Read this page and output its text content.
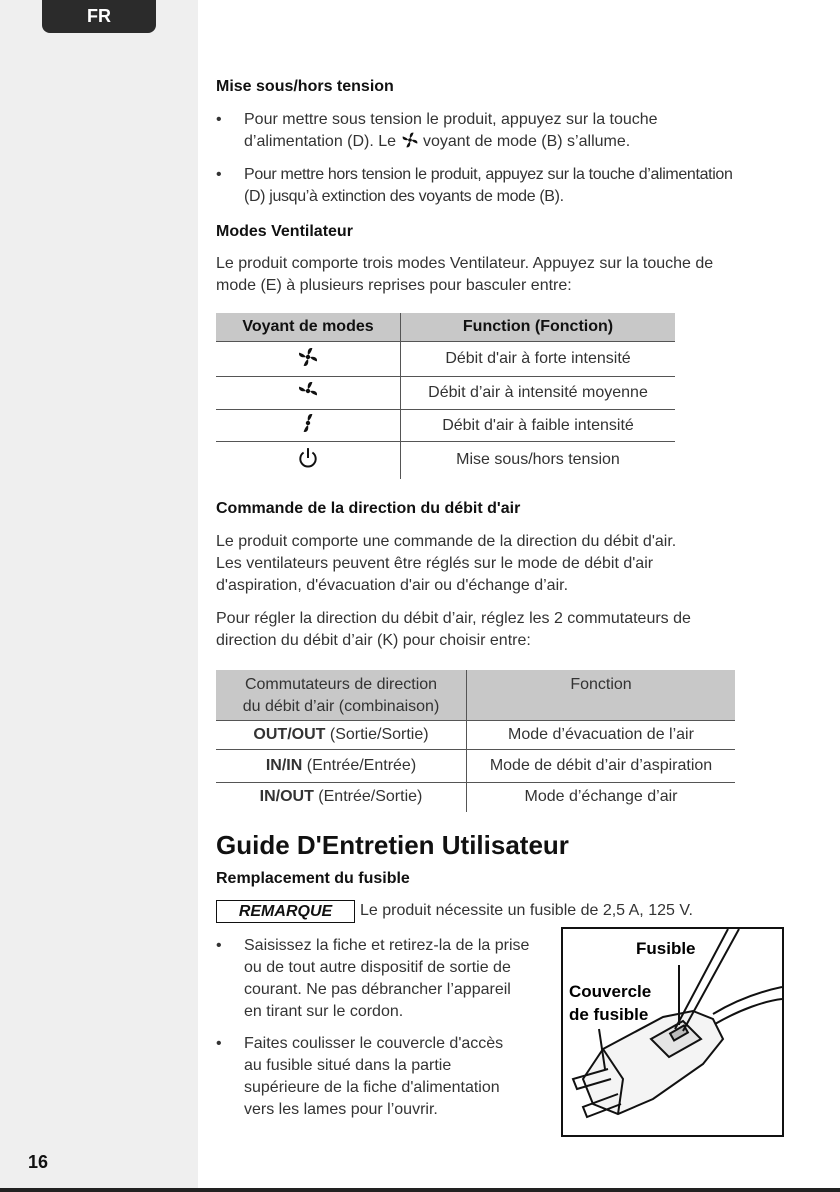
FR
16

Mise sous/hors tension

• Pour mettre sous tension le produit, appuyez sur la touche
d’alimentation (D). Le voyant de mode (B) s’allume.
• Pour mettre hors tension le produit, appuyez sur la touche d’alimentation
(D) jusqu’à extinction des voyants de mode (B).

Modes Ventilateur

Le produit comporte trois modes Ventilateur. Appuyez sur la touche de
mode (E) à plusieurs reprises pour basculer entre:

Voyant de modes	Function (Fonction)
	Débit d'air à forte intensité
	Débit d’air à intensité moyenne
	Débit d'air à faible intensité
	Mise sous/hors tension

Commande de la direction du débit d'air

Le produit comporte une commande de la direction du débit d'air.
Les ventilateurs peuvent être réglés sur le mode de débit d'air
d'aspiration, d'évacuation d'air ou d'échange d’air.

Pour régler la direction du débit d’air, réglez les 2 commutateurs de
direction du débit d’air (K) pour choisir entre:

Commutateurs de direction
du débit d’air (combinaison)	Fonction
OUT/OUT (Sortie/Sortie)	Mode d’évacuation de l’air
IN/IN (Entrée/Entrée)	Mode de débit d’air d’aspiration
IN/OUT (Entrée/Sortie)	Mode d’échange d’air
Guide D'Entretien Utilisateur

Remplacement du fusible

REMARQUE Le produit nécessite un fusible de 2,5 A, 125 V.
• Saisissez la fiche et retirez-la de la prise
ou de tout autre dispositif de sortie de
courant. Ne pas débrancher l’appareil
en tirant sur le cordon.
• Faites coulisser le couvercle d'accès
au fusible situé dans la partie
supérieure de la fiche d'alimentation
vers les lames pour l’ouvrir.
Fusible
Couvercle
de fusible
